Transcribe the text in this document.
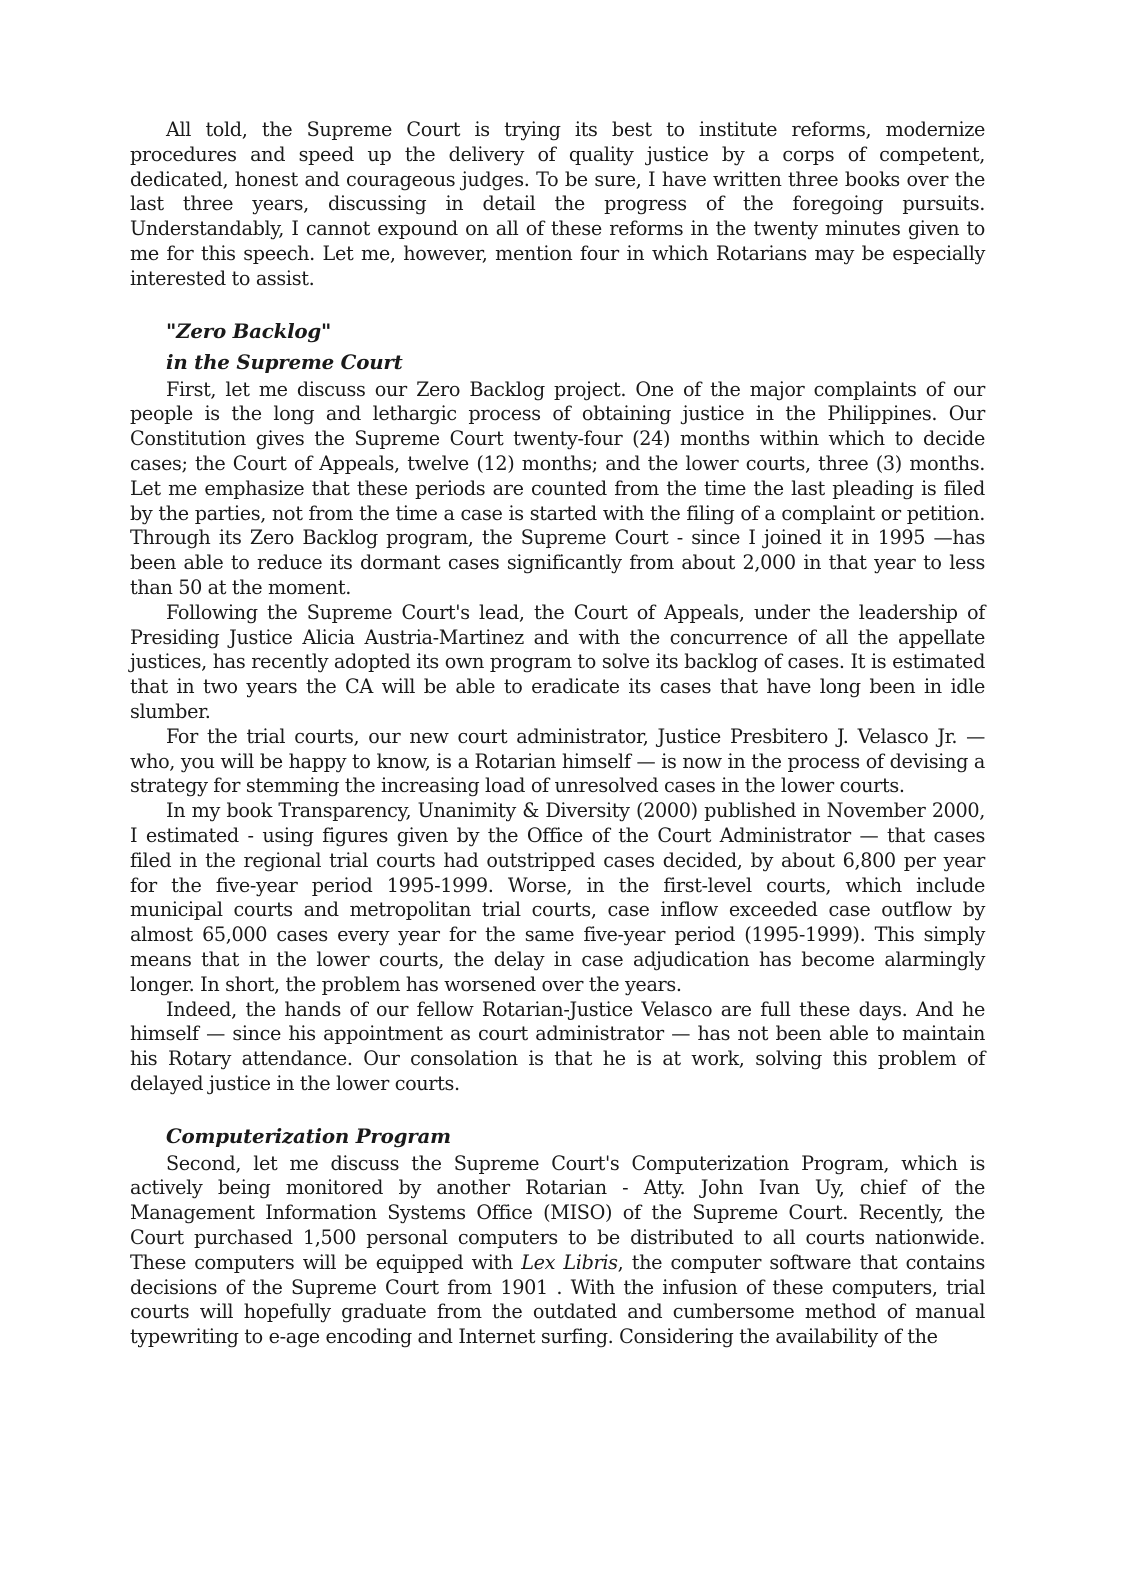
All told, the Supreme Court is trying its best to institute reforms, modernize procedures and speed up the delivery of quality justice by a corps of competent, dedicated, honest and courageous judges. To be sure, I have written three books over the last three years, discussing in detail the progress of the foregoing pursuits. Understandably, I cannot expound on all of these reforms in the twenty minutes given to me for this speech. Let me, however, mention four in which Rotarians may be especially interested to assist.

"Zero Backlog"
in the Supreme Court

First, let me discuss our Zero Backlog project. One of the major complaints of our people is the long and lethargic process of obtaining justice in the Philippines. Our Constitution gives the Supreme Court twenty-four (24) months within which to decide cases; the Court of Appeals, twelve (12) months; and the lower courts, three (3) months. Let me emphasize that these periods are counted from the time the last pleading is filed by the parties, not from the time a case is started with the filing of a complaint or petition. Through its Zero Backlog program, the Supreme Court - since I joined it in 1995 —has been able to reduce its dormant cases significantly from about 2,000 in that year to less than 50 at the moment.

Following the Supreme Court's lead, the Court of Appeals, under the leadership of Presiding Justice Alicia Austria-Martinez and with the concurrence of all the appellate justices, has recently adopted its own program to solve its backlog of cases. It is estimated that in two years the CA will be able to eradicate its cases that have long been in idle slumber.

For the trial courts, our new court administrator, Justice Presbitero J. Velasco Jr. —who, you will be happy to know, is a Rotarian himself — is now in the process of devising a strategy for stemming the increasing load of unresolved cases in the lower courts.

In my book Transparency, Unanimity & Diversity (2000) published in November 2000, I estimated - using figures given by the Office of the Court Administrator — that cases filed in the regional trial courts had outstripped cases decided, by about 6,800 per year for the five-year period 1995-1999. Worse, in the first-level courts, which include municipal courts and metropolitan trial courts, case inflow exceeded case outflow by almost 65,000 cases every year for the same five-year period (1995-1999). This simply means that in the lower courts, the delay in case adjudication has become alarmingly longer. In short, the problem has worsened over the years.

Indeed, the hands of our fellow Rotarian-Justice Velasco are full these days. And he himself — since his appointment as court administrator — has not been able to maintain his Rotary attendance. Our consolation is that he is at work, solving this problem of delayed justice in the lower courts.

Computerization Program

Second, let me discuss the Supreme Court's Computerization Program, which is actively being monitored by another Rotarian - Atty. John Ivan Uy, chief of the Management Information Systems Office (MISO) of the Supreme Court. Recently, the Court purchased 1,500 personal computers to be distributed to all courts nationwide. These computers will be equipped with Lex Libris, the computer software that contains decisions of the Supreme Court from 1901 . With the infusion of these computers, trial courts will hopefully graduate from the outdated and cumbersome method of manual typewriting to e-age encoding and Internet surfing. Considering the availability of the
